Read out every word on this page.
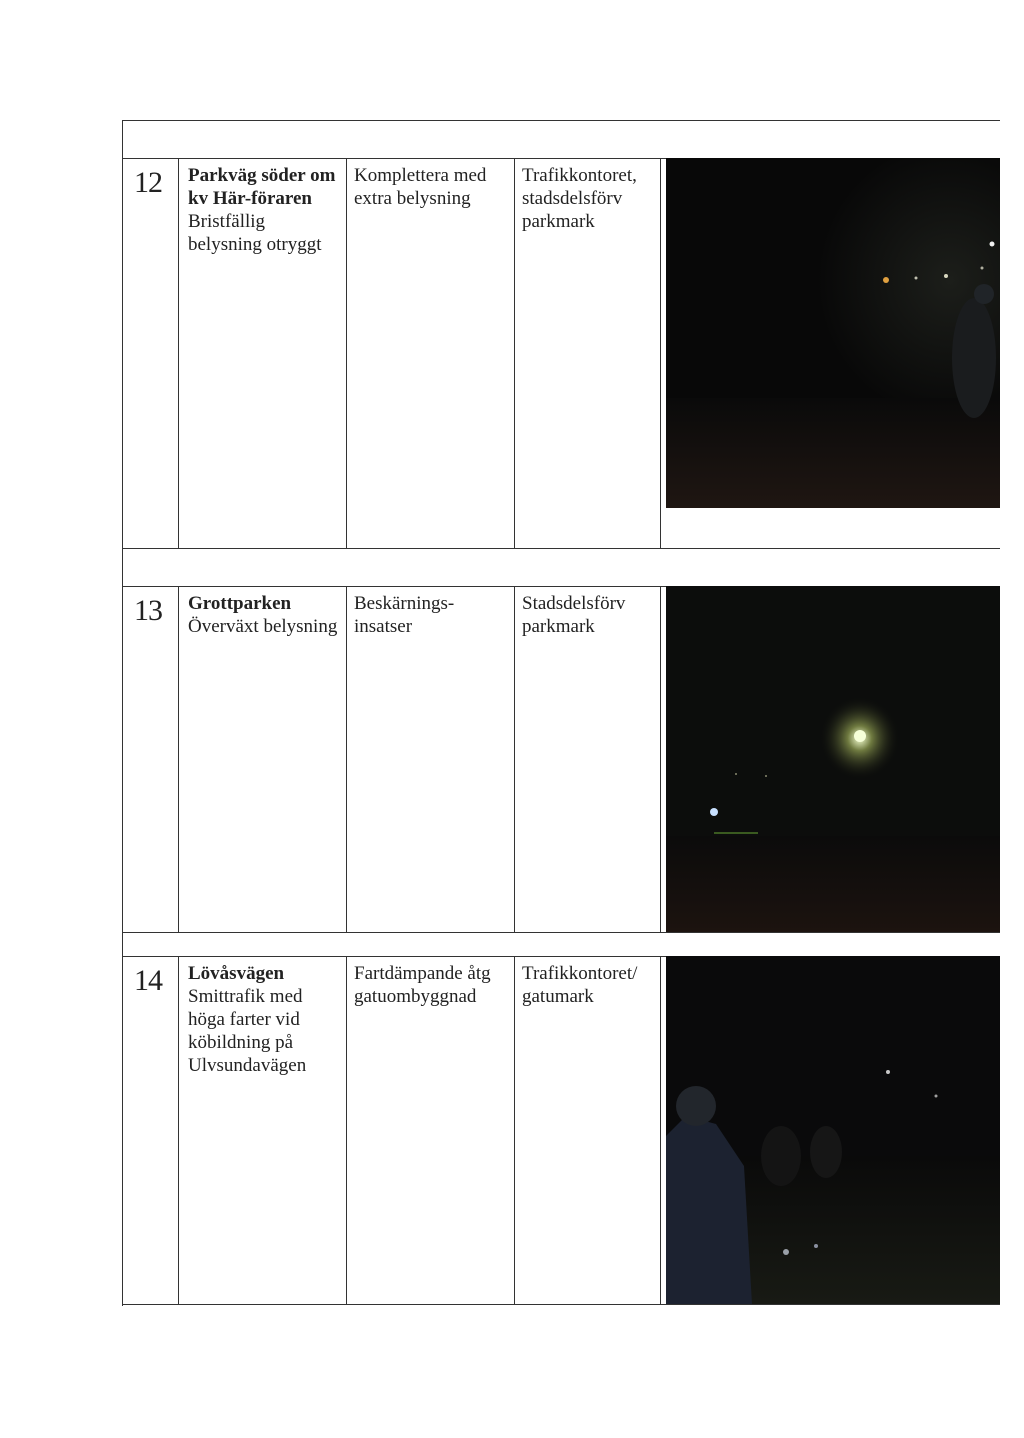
12 Parkväg söder om kv Här-föraren
Bristfällig belysning otryggt
Komplettera med extra belysning
Trafikkontoret, stadsdelsförv parkmark
13 Grottparken
Överväxt belysning
Beskärnings-insatser
Stadsdelsförv parkmark
14 Lövåsvägen
Smittrafik med höga farter vid köbildning på Ulvsundavägen
Fartdämpande åtg gatuombyggnad
Trafikkontoret/ gatumark
